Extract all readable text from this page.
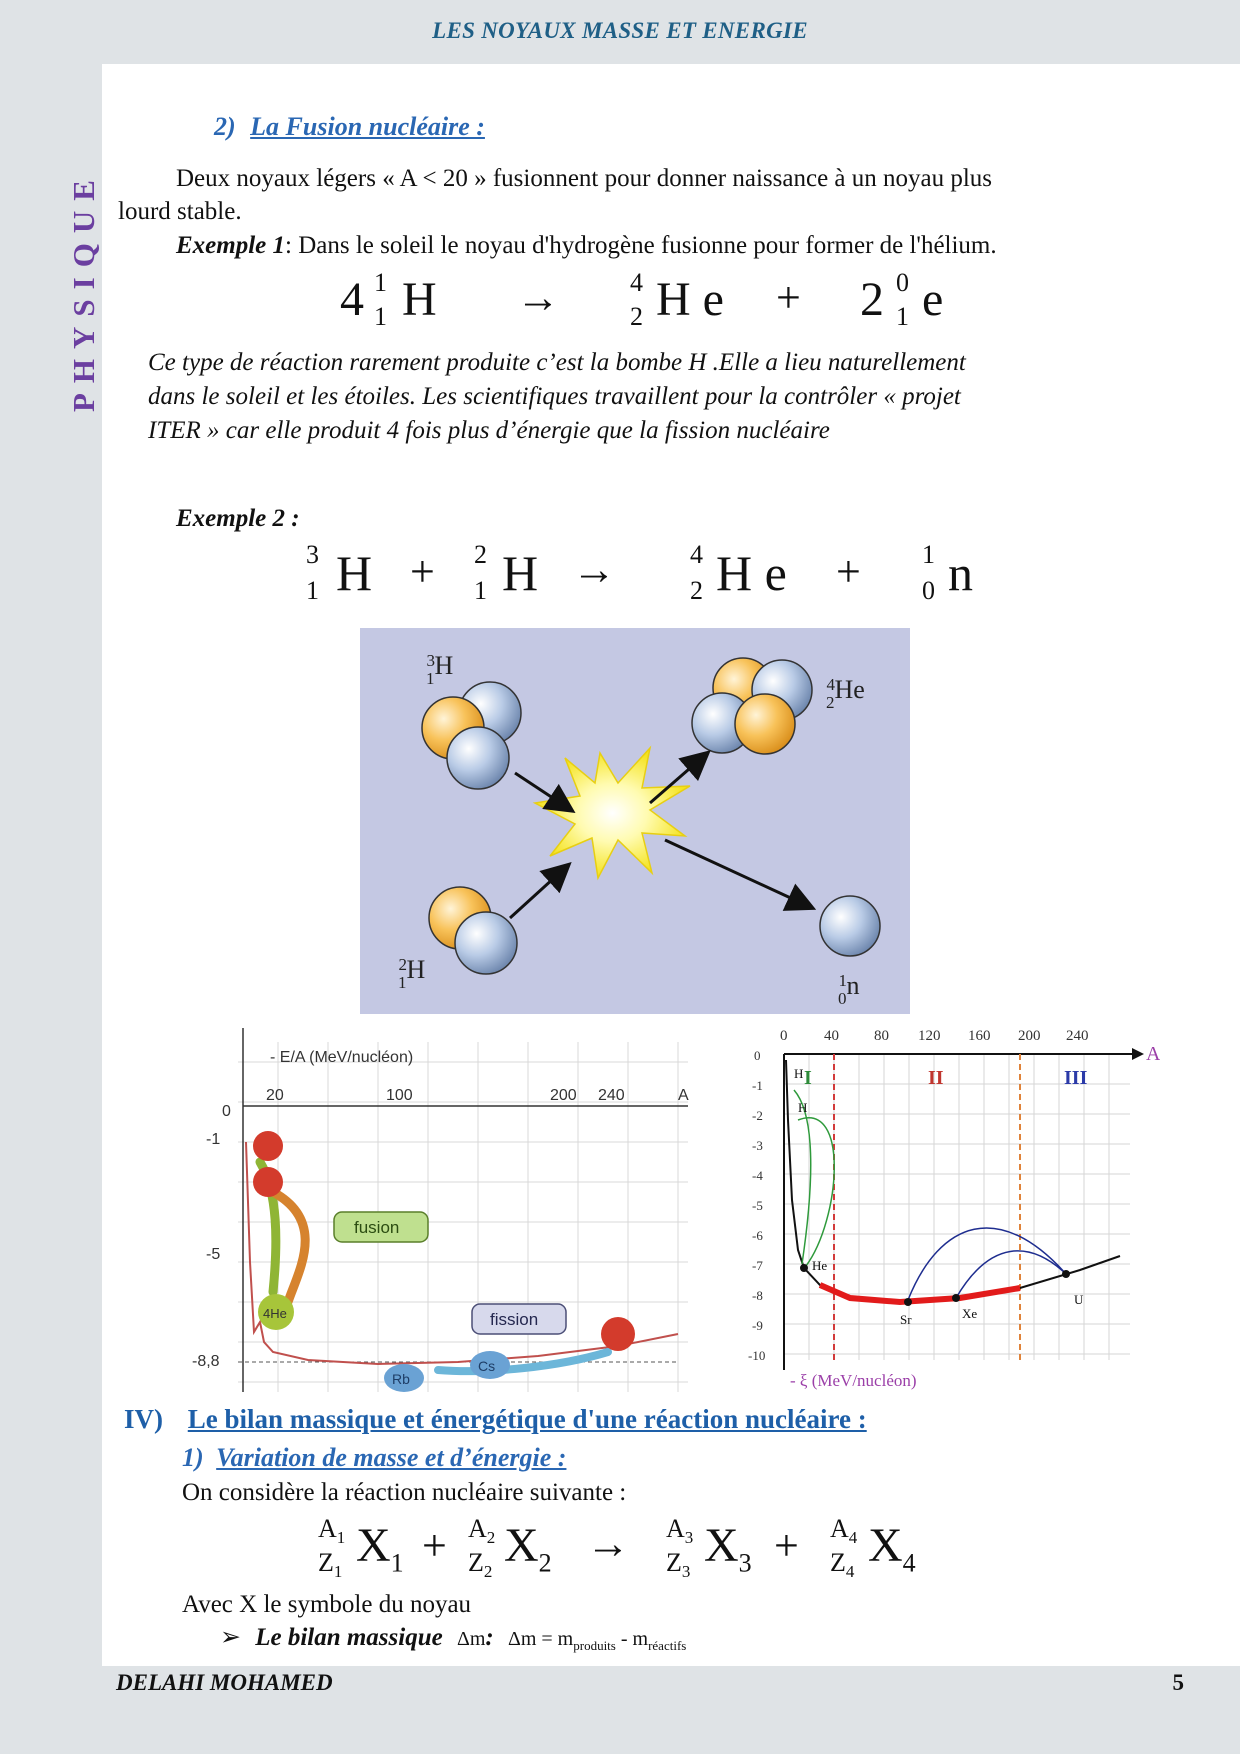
LES NOYAUX MASSE ET ENERGIE
PHYSIQUE
2) La Fusion nucléaire :
Deux noyaux légers « A < 20 » fusionnent pour donner naissance à un noyau plus
lourd stable.
Exemple 1: Dans le soleil le noyau d'hydrogène fusionne pour former de l'hélium.
4 1
1 H →	4
2 H e + 2 0
1 e
Ce type de réaction rarement produite c’est la bombe H .Elle a lieu naturellement
dans le soleil et les étoiles. Les scientifiques travaillent pour la contrôler « projet
ITER » car elle produit 4 fois plus d’énergie que la fission nucléaire
Exemple 2 :
3
1 H + 2
1 H →	4
2 H e + 1
0 n
$^3$ 1H
$^4$ 2He
$^2$ 1H	$^1$ 0n
- E/A (MeV/nucléon)
20	100	200 240	A
0
-1
-5
-8,8
4He
Rb
Cs
fusion
fission
A
0 40 80 120 160 200 240
0
-1
-2
-3
-4
-5
-6
-7
-8
-9
-10
I	II	III
H
H
He
Sr	Xe
U
- ξ (MeV/nucléon)
IV) Le bilan massique et énergétique d'une réaction nucléaire :
1) Variation de masse et d’énergie :
On considère la réaction nucléaire suivante :
$A_1$
$Z_1$ $X_1 + A_2$
$Z_2$ $X_2 \to A_3$
$Z_3$ $X_3 + A_4$
$Z_4$ $X_4$
Avec X le symbole du noyau
➢ Le bilan massique Δm: $\Delta m = m_{produits} - m_{réactifs}$
DELAHI MOHAMED	5
